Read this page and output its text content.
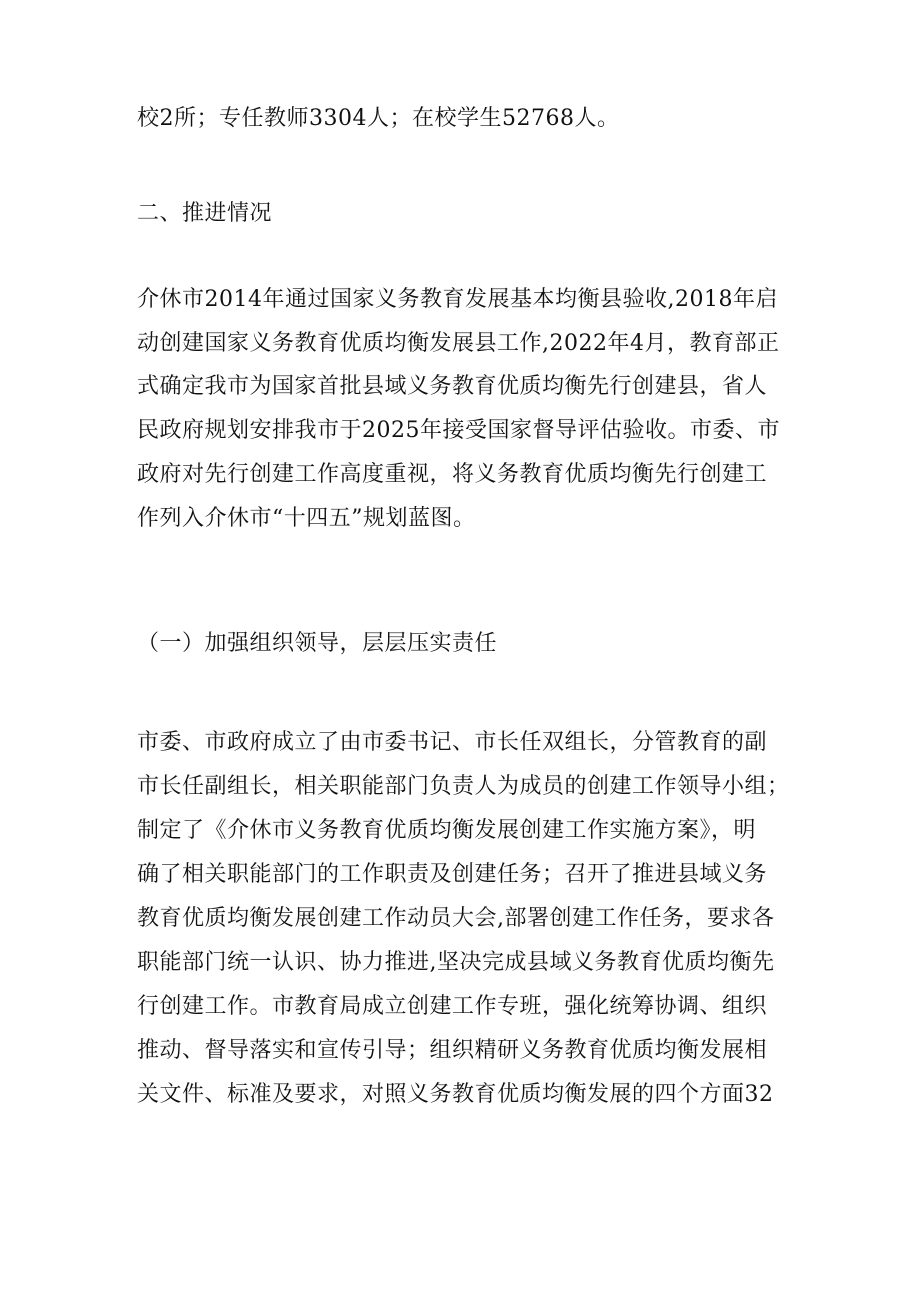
校2所；专任教师3304人；在校学生52768人。
二、推进情况
介休市2014年通过国家义务教育发展基本均衡县验收,2018年启
动创建国家义务教育优质均衡发展县工作,2022年4月，教育部正
式确定我市为国家首批县域义务教育优质均衡先行创建县，省人
民政府规划安排我市于2025年接受国家督导评估验收。市委、市
政府对先行创建工作高度重视，将义务教育优质均衡先行创建工
作列入介休市“十四五”规划蓝图。
（一）加强组织领导，层层压实责任
市委、市政府成立了由市委书记、市长任双组长，分管教育的副
市长任副组长，相关职能部门负责人为成员的创建工作领导小组；
制定了《介休市义务教育优质均衡发展创建工作实施方案》，明
确了相关职能部门的工作职责及创建任务；召开了推进县域义务
教育优质均衡发展创建工作动员大会,部署创建工作任务，要求各
职能部门统一认识、协力推进,坚决完成县域义务教育优质均衡先
行创建工作。市教育局成立创建工作专班，强化统筹协调、组织
推动、督导落实和宣传引导；组织精研义务教育优质均衡发展相
关文件、标准及要求，对照义务教育优质均衡发展的四个方面32
